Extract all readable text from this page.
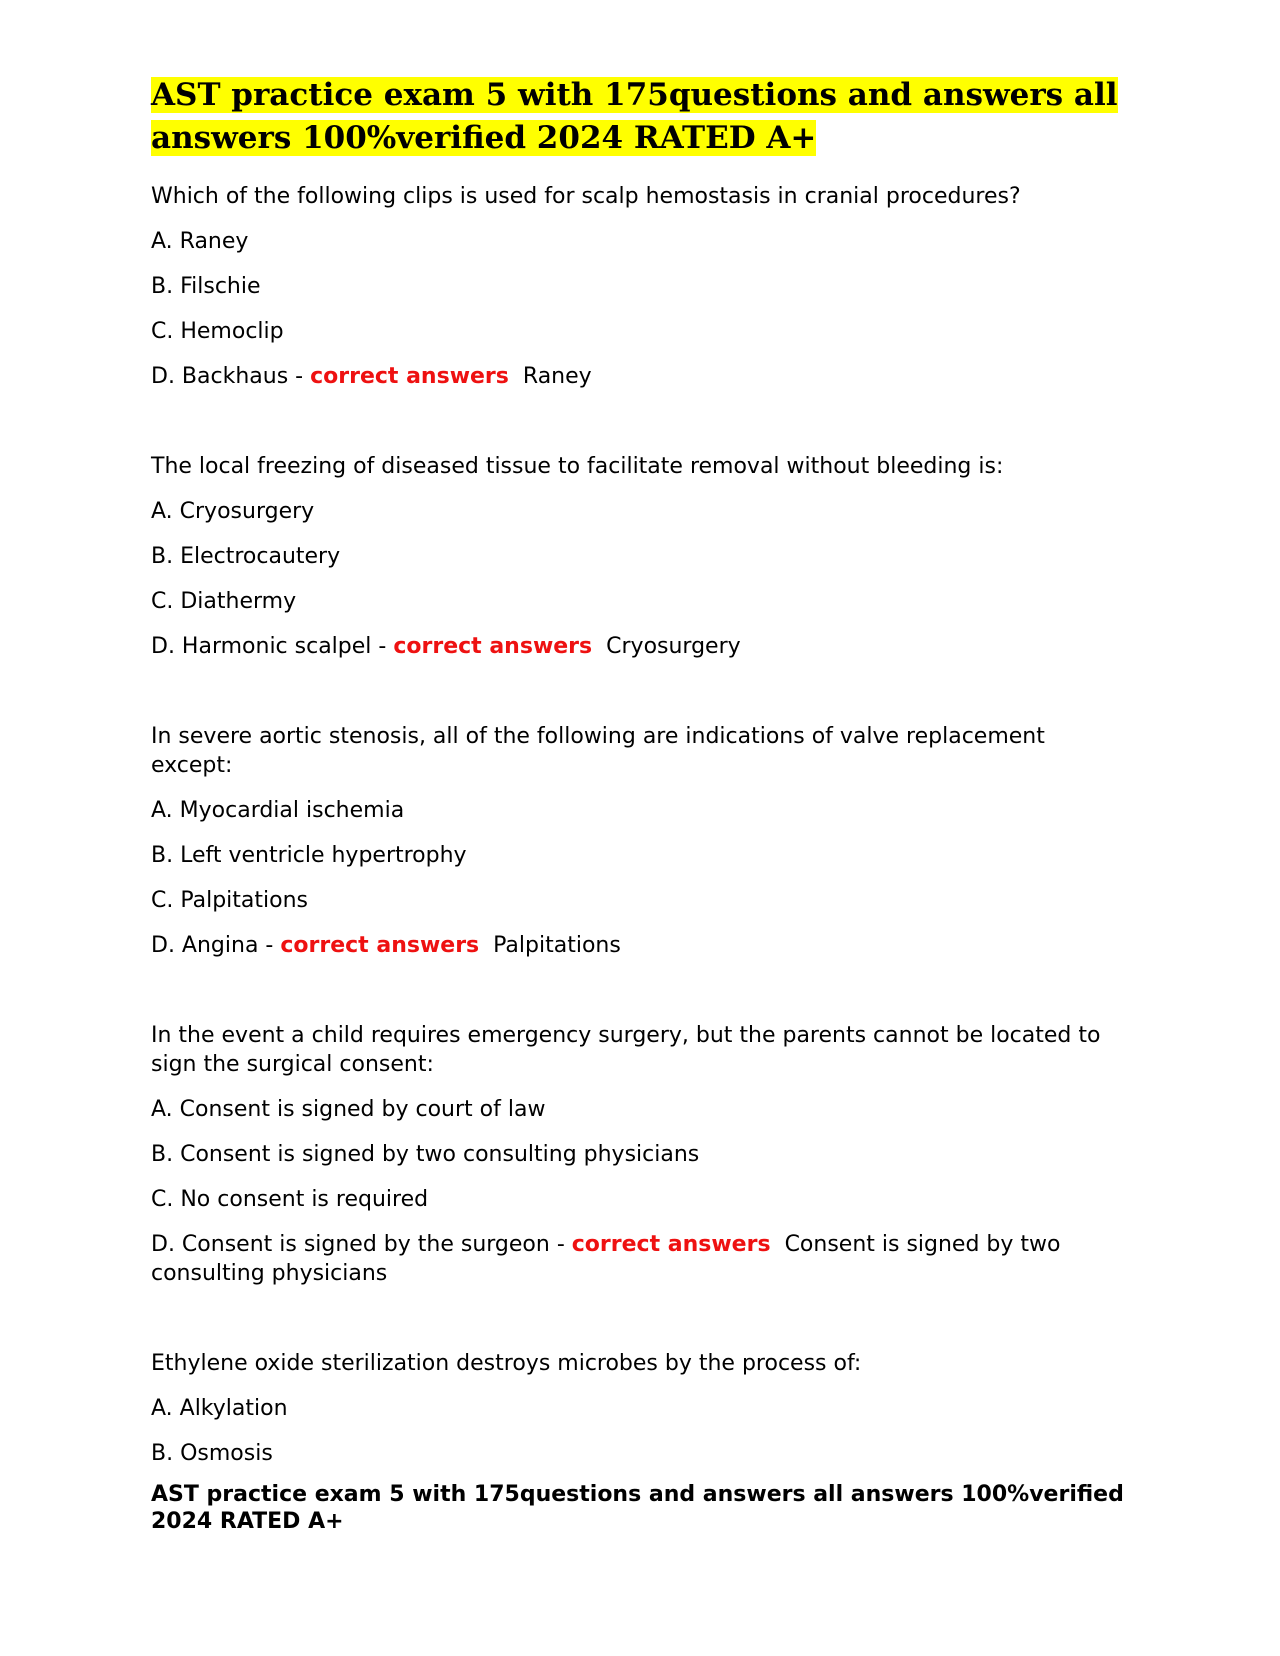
AST practice exam 5 with 175questions and answers all answers 100%verified 2024 RATED A+

Which of the following clips is used for scalp hemostasis in cranial procedures?

A. Raney

B. Filschie

C. Hemoclip

D. Backhaus - correct answers Raney

The local freezing of diseased tissue to facilitate removal without bleeding is:

A. Cryosurgery

B. Electrocautery

C. Diathermy

D. Harmonic scalpel - correct answers Cryosurgery

In severe aortic stenosis, all of the following are indications of valve replacement except:

A. Myocardial ischemia

B. Left ventricle hypertrophy

C. Palpitations

D. Angina - correct answers Palpitations

In the event a child requires emergency surgery, but the parents cannot be located to sign the surgical consent:

A. Consent is signed by court of law

B. Consent is signed by two consulting physicians

C. No consent is required

D. Consent is signed by the surgeon - correct answers Consent is signed by two consulting physicians

Ethylene oxide sterilization destroys microbes by the process of:

A. Alkylation

B. Osmosis

AST practice exam 5 with 175questions and answers all answers 100%verified 2024 RATED A+
